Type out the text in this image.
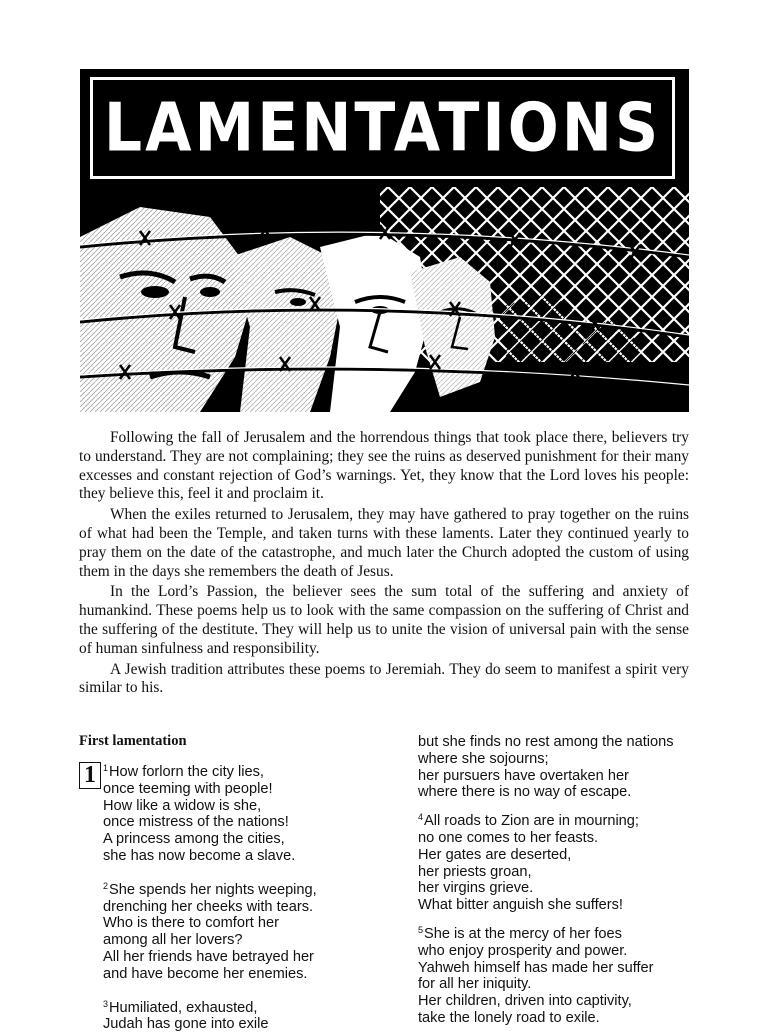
LAMENTATIONS

Following the fall of Jerusalem and the horrendous things that took place there, believers try to understand. They are not complaining; they see the ruins as deserved punishment for their many excesses and constant rejection of God’s warnings. Yet, they know that the Lord loves his people: they believe this, feel it and proclaim it.

When the exiles returned to Jerusalem, they may have gathered to pray together on the ruins of what had been the Temple, and taken turns with these laments. Later they continued yearly to pray them on the date of the catastrophe, and much later the Church adopted the custom of using them in the days she remembers the death of Jesus.

In the Lord’s Passion, the believer sees the sum total of the suffering and anxiety of humankind. These poems help us to look with the same compassion on the suffering of Christ and the suffering of the destitute. They will help us to unite the vision of universal pain with the sense of human sinfulness and responsibility.

A Jewish tradition attributes these poems to Jeremiah. They do seem to manifest a spirit very similar to his.

First lamentation
1 $^1$How forlorn the city lies,
once teeming with people!
How like a widow is she,
once mistress of the nations!
A princess among the cities,
she has now become a slave.
$^2$She spends her nights weeping,
drenching her cheeks with tears.
Who is there to comfort her
among all her lovers?
All her friends have betrayed her
and have become her enemies.
$^3$Humiliated, exhausted,
Judah has gone into exile
but she finds no rest among the nations
where she sojourns;
her pursuers have overtaken her
where there is no way of escape.
$^4$All roads to Zion are in mourning;
no one comes to her feasts.
Her gates are deserted,
her priests groan,
her virgins grieve.
What bitter anguish she suffers!
$^5$She is at the mercy of her foes
who enjoy prosperity and power.
Yahweh himself has made her suffer
for all her iniquity.
Her children, driven into captivity,
take the lonely road to exile.
